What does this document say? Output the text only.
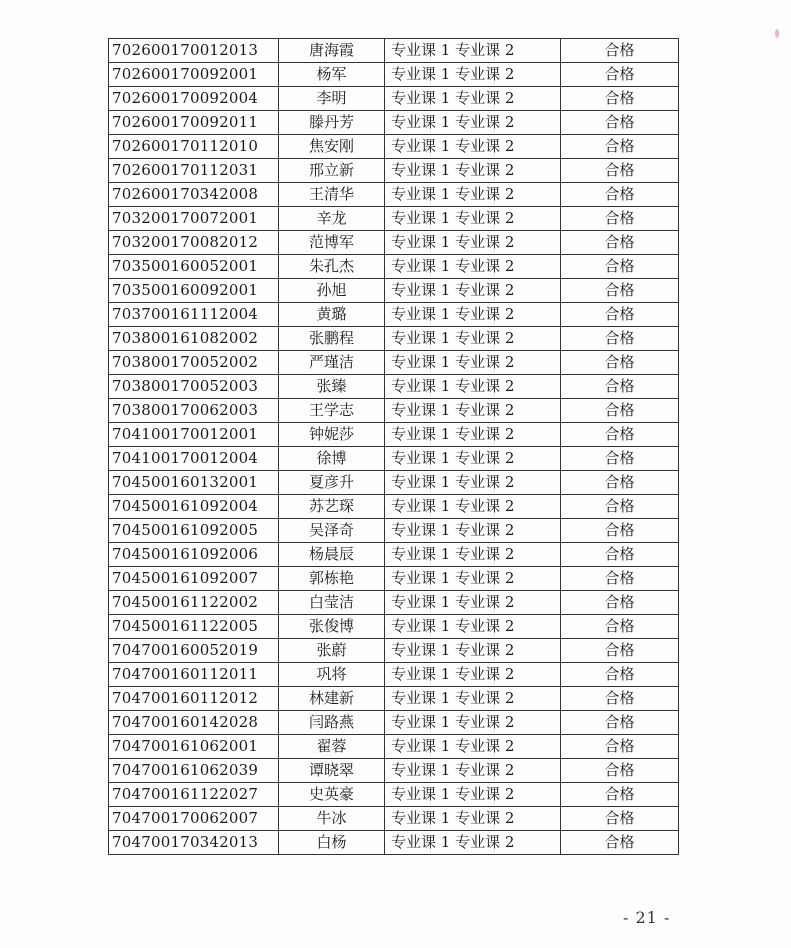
702600170012013	唐海霞	专业课 1 专业课 2	合格
702600170092001	杨军	专业课 1 专业课 2	合格
702600170092004	李明	专业课 1 专业课 2	合格
702600170092011	滕丹芳	专业课 1 专业课 2	合格
702600170112010	焦安刚	专业课 1 专业课 2	合格
702600170112031	邢立新	专业课 1 专业课 2	合格
702600170342008	王清华	专业课 1 专业课 2	合格
703200170072001	辛龙	专业课 1 专业课 2	合格
703200170082012	范博军	专业课 1 专业课 2	合格
703500160052001	朱孔杰	专业课 1 专业课 2	合格
703500160092001	孙旭	专业课 1 专业课 2	合格
703700161112004	黄璐	专业课 1 专业课 2	合格
703800161082002	张鹏程	专业课 1 专业课 2	合格
703800170052002	严瑾洁	专业课 1 专业课 2	合格
703800170052003	张臻	专业课 1 专业课 2	合格
703800170062003	王学志	专业课 1 专业课 2	合格
704100170012001	钟妮莎	专业课 1 专业课 2	合格
704100170012004	徐博	专业课 1 专业课 2	合格
704500160132001	夏彦升	专业课 1 专业课 2	合格
704500161092004	苏艺琛	专业课 1 专业课 2	合格
704500161092005	吴泽奇	专业课 1 专业课 2	合格
704500161092006	杨晨辰	专业课 1 专业课 2	合格
704500161092007	郭栋艳	专业课 1 专业课 2	合格
704500161122002	白莹洁	专业课 1 专业课 2	合格
704500161122005	张俊博	专业课 1 专业课 2	合格
704700160052019	张蔚	专业课 1 专业课 2	合格
704700160112011	巩将	专业课 1 专业课 2	合格
704700160112012	林建新	专业课 1 专业课 2	合格
704700160142028	闫路燕	专业课 1 专业课 2	合格
704700161062001	翟蓉	专业课 1 专业课 2	合格
704700161062039	谭晓翠	专业课 1 专业课 2	合格
704700161122027	史英豪	专业课 1 专业课 2	合格
704700170062007	牛冰	专业课 1 专业课 2	合格
704700170342013	白杨	专业课 1 专业课 2	合格
- 21 -
